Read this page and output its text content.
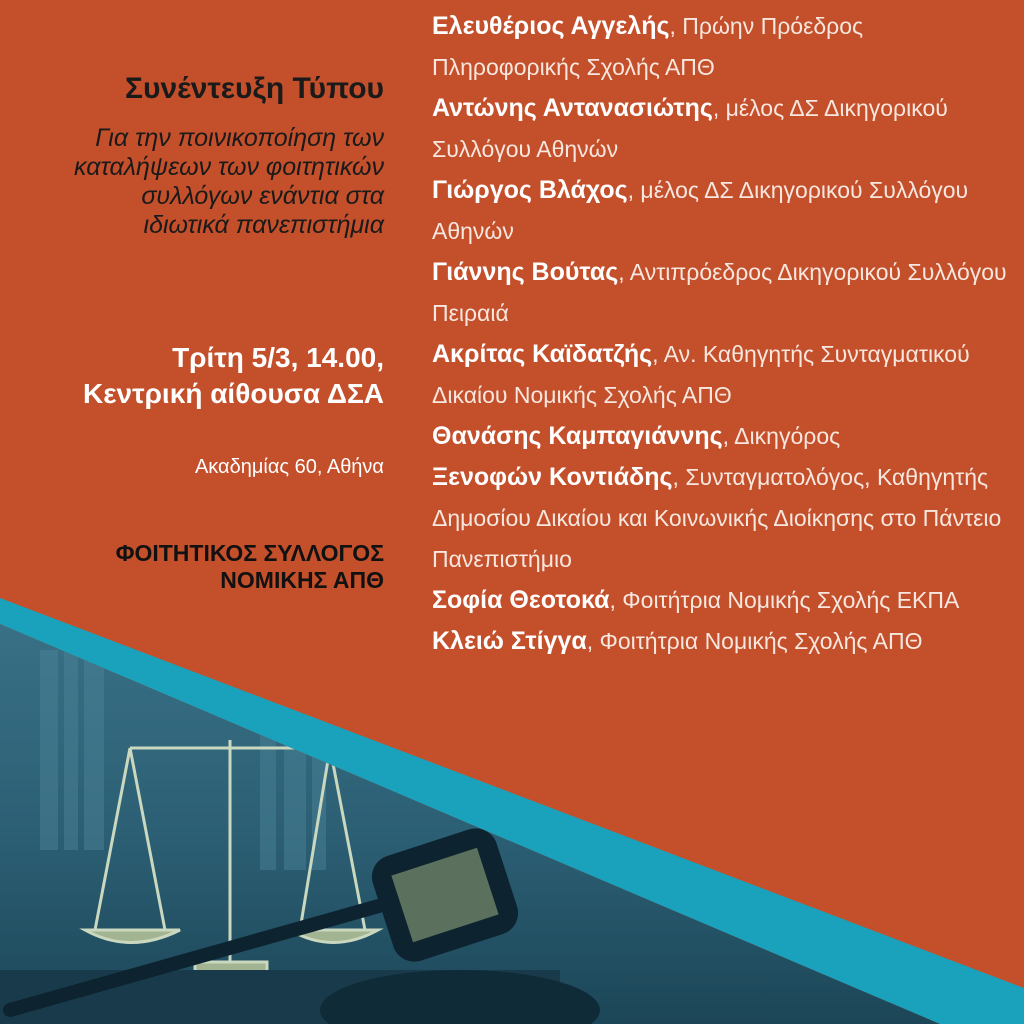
Συνέντευξη Τύπου
Για την ποινικοποίηση των καταλήψεων των φοιτητικών συλλόγων ενάντια στα ιδιωτικά πανεπιστήμια
Τρίτη 5/3, 14.00, Κεντρική αίθουσα ΔΣΑ
Ακαδημίας 60, Αθήνα
ΦΟΙΤΗΤΙΚΟΣ ΣΥΛΛΟΓΟΣ ΝΟΜΙΚΗΣ ΑΠΘ
Ελευθέριος Αγγελής, Πρώην Πρόεδρος Πληροφορικής Σχολής ΑΠΘ
Αντώνης Αντανασιώτης, μέλος ΔΣ Δικηγορικού Συλλόγου Αθηνών
Γιώργος Βλάχος, μέλος ΔΣ Δικηγορικού Συλλόγου Αθηνών
Γιάννης Βούτας, Αντιπρόεδρος Δικηγορικού Συλλόγου Πειραιά
Ακρίτας Καϊδατζής, Αν. Καθηγητής Συνταγματικού Δικαίου Νομικής Σχολής ΑΠΘ
Θανάσης Καμπαγιάννης, Δικηγόρος
Ξενοφών Κοντιάδης, Συνταγματολόγος, Καθηγητής Δημοσίου Δικαίου και Κοινωνικής Διοίκησης στο Πάντειο Πανεπιστήμιο
Σοφία Θεοτοκά, Φοιτήτρια Νομικής Σχολής ΕΚΠΑ
Κλειώ Στίγγα, Φοιτήτρια Νομικής Σχολής ΑΠΘ
